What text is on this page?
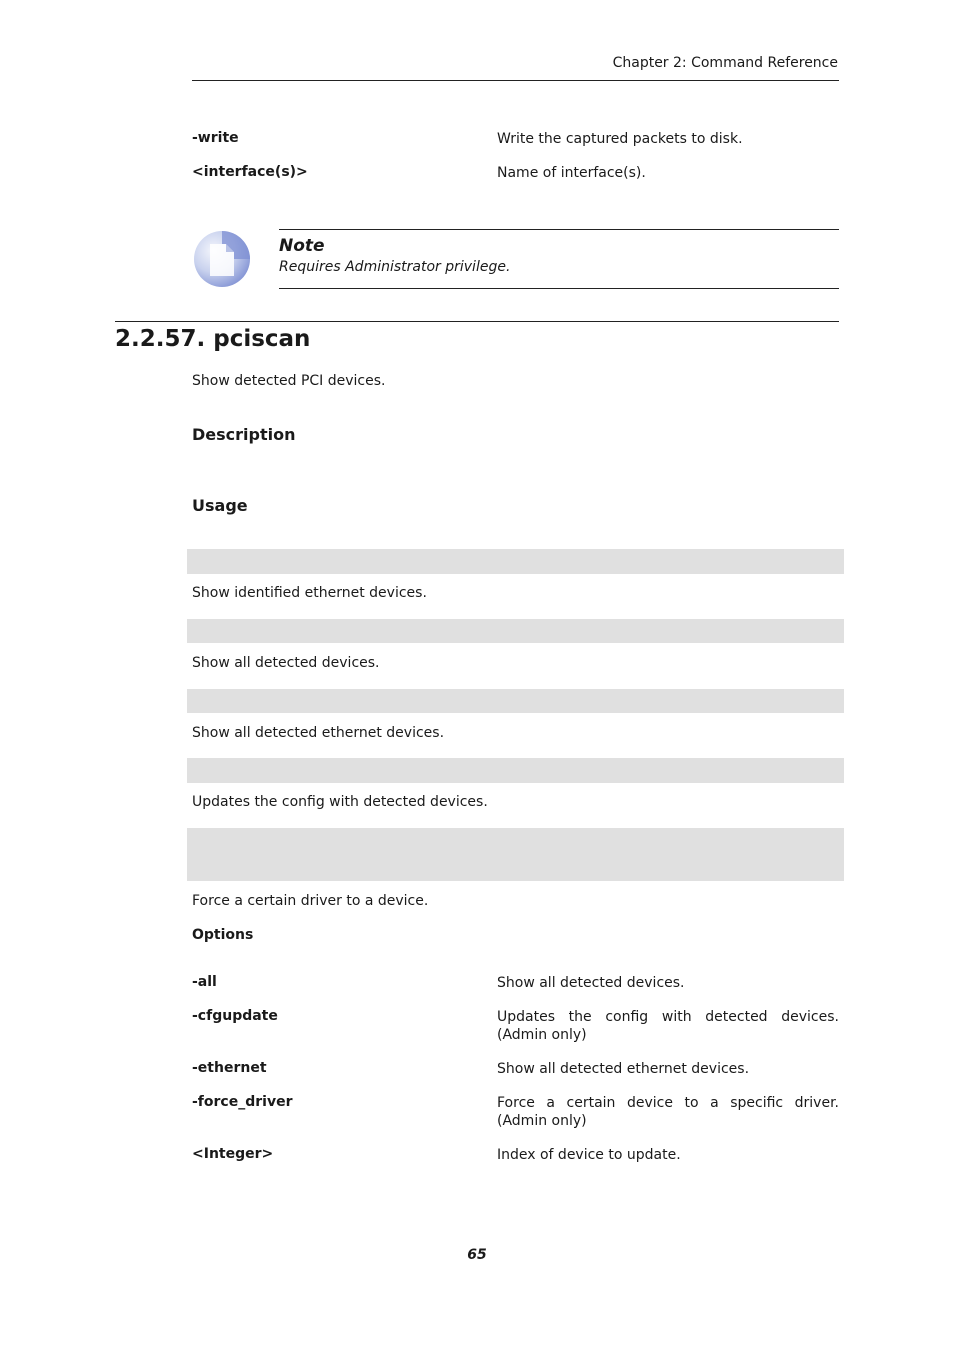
Chapter 2: Command Reference
-write	Write the captured packets to disk.
<interface(s)>	Name of interface(s).
Note
Requires Administrator privilege.
2.2.57. pciscan
Show detected PCI devices.
Description
Usage
Show identified ethernet devices.
Show all detected devices.
Show all detected ethernet devices.
Updates the config with detected devices.
Force a certain driver to a device.
Options
-all	Show all detected devices.
-cfgupdate	Updates the config with detected devices. (Admin only)
-ethernet	Show all detected ethernet devices.
-force_driver	Force a certain device to a specific driver. (Admin only)
<Integer>	Index of device to update.
65
